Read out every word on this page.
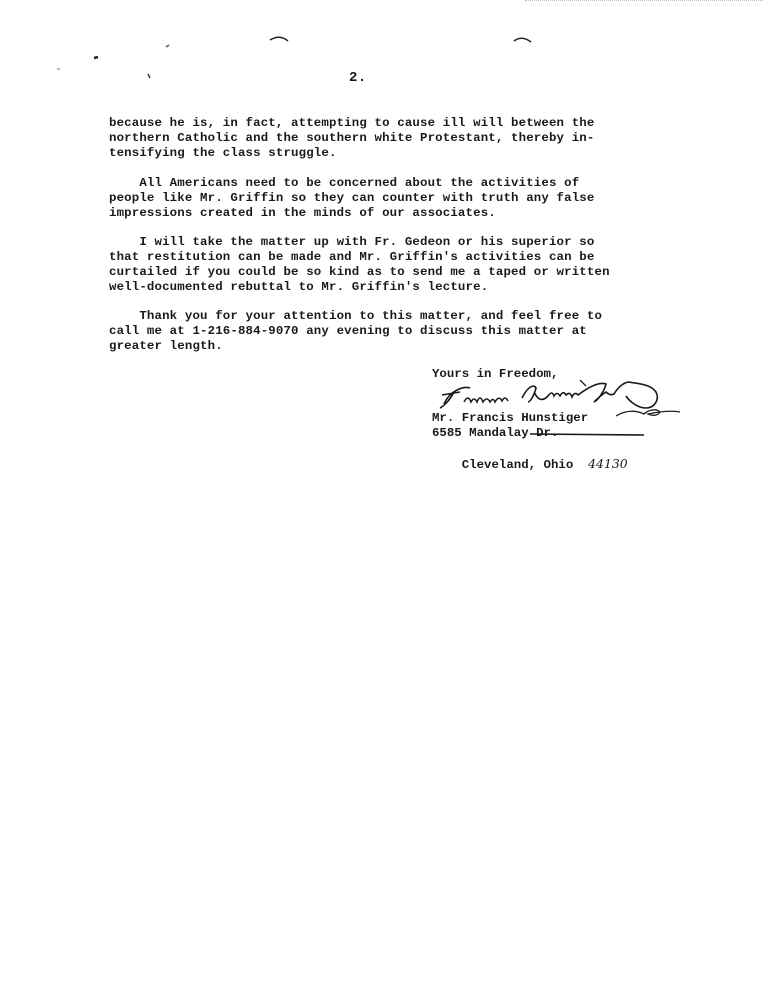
2.
because he is, in fact, attempting to cause ill will between the
northern Catholic and the southern white Protestant, thereby in-
tensifying the class struggle.
All Americans need to be concerned about the activities of
people like Mr. Griffin so they can counter with truth any false
impressions created in the minds of our associates.
I will take the matter up with Fr. Gedeon or his superior so
that restitution can be made and Mr. Griffin's activities can be
curtailed if you could be so kind as to send me a taped or written
well-documented rebuttal to Mr. Griffin's lecture.
Thank you for your attention to this matter, and feel free to
call me at 1-216-884-9070 any evening to discuss this matter at
greater length.
Yours in Freedom,
Mr. Francis Hunstiger
6585 Mandalay Dr.

Cleveland, Ohio 44130
